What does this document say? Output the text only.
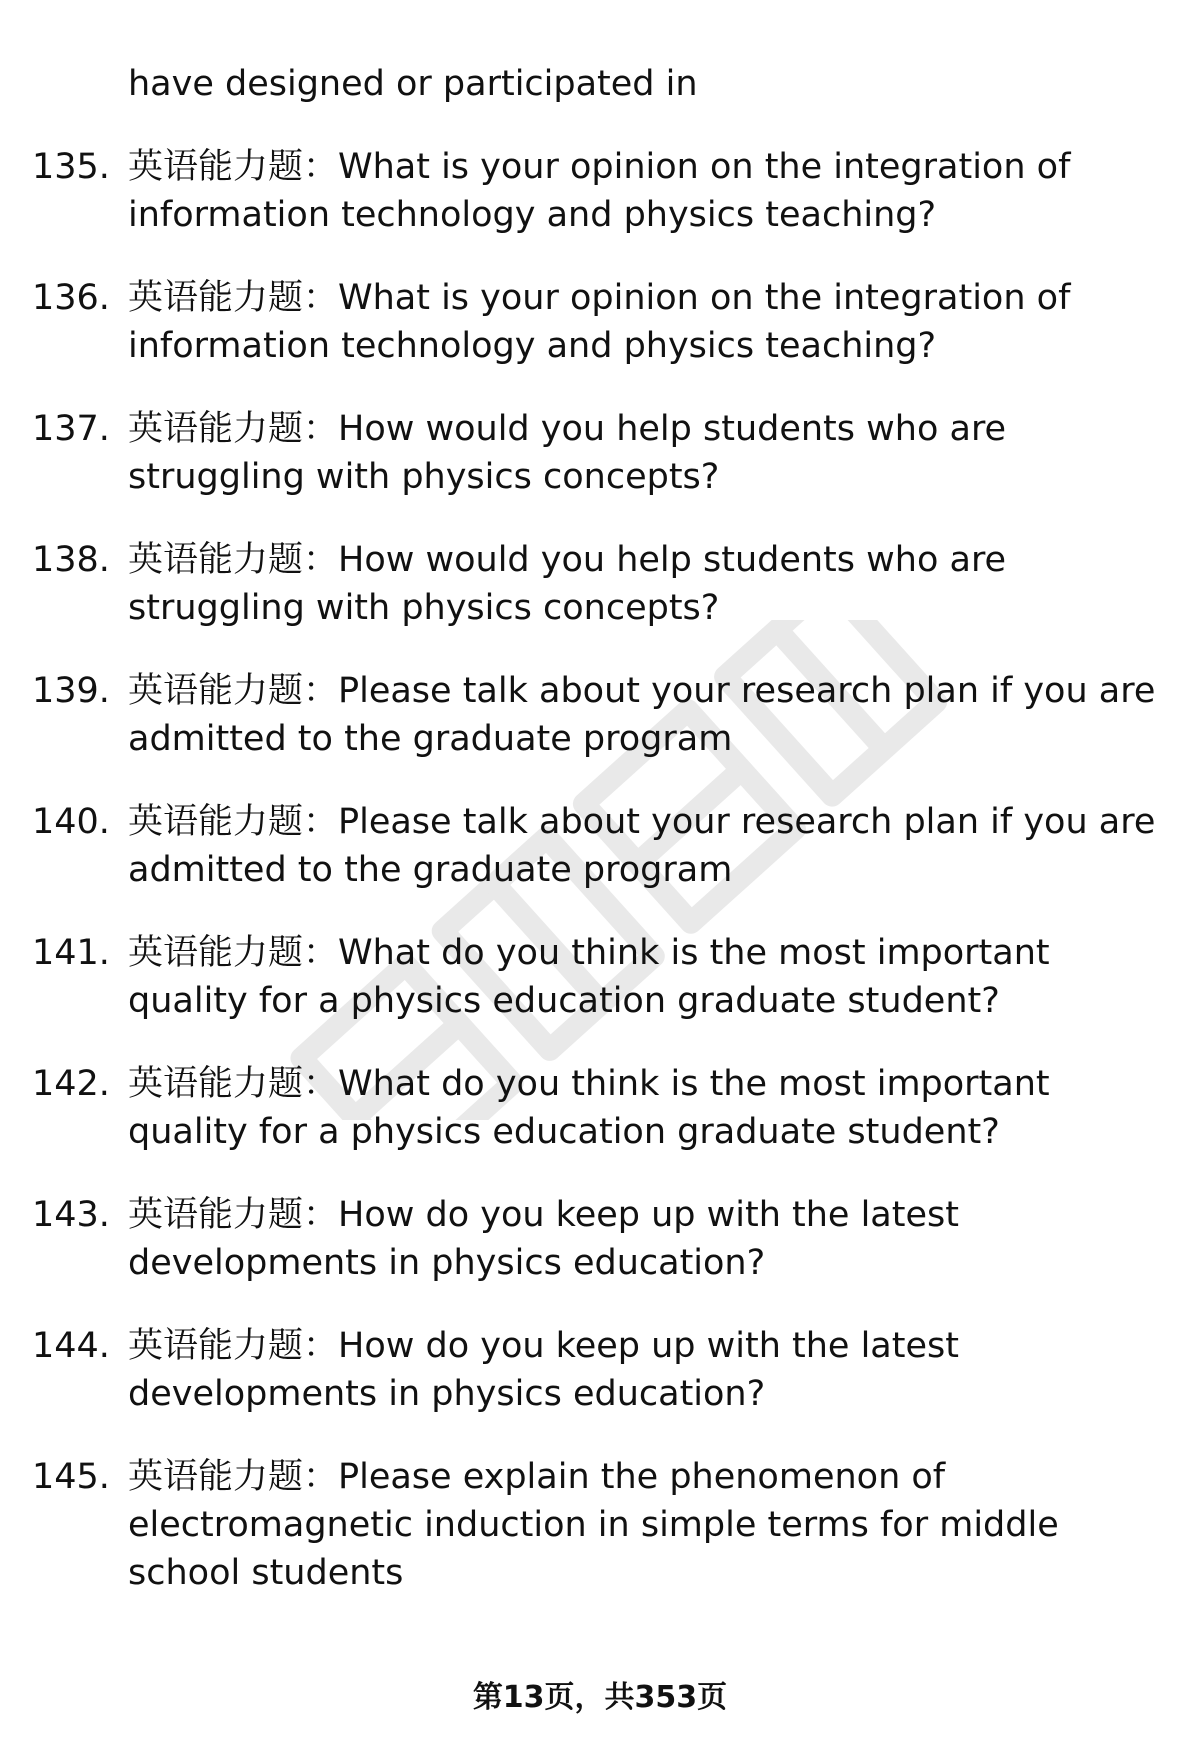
have designed or participated in
135. 英语能力题：What is your opinion on the integration of
information technology and physics teaching?
136. 英语能力题：What is your opinion on the integration of
information technology and physics teaching?
137. 英语能力题：How would you help students who are
struggling with physics concepts?
138. 英语能力题：How would you help students who are
struggling with physics concepts?
139. 英语能力题：Please talk about your research plan if you are
admitted to the graduate program
140. 英语能力题：Please talk about your research plan if you are
admitted to the graduate program
141. 英语能力题：What do you think is the most important
quality for a physics education graduate student?
142. 英语能力题：What do you think is the most important
quality for a physics education graduate student?
143. 英语能力题：How do you keep up with the latest
developments in physics education?
144. 英语能力题：How do you keep up with the latest
developments in physics education?
145. 英语能力题：Please explain the phenomenon of
electromagnetic induction in simple terms for middle
school students
第13页，共353页
